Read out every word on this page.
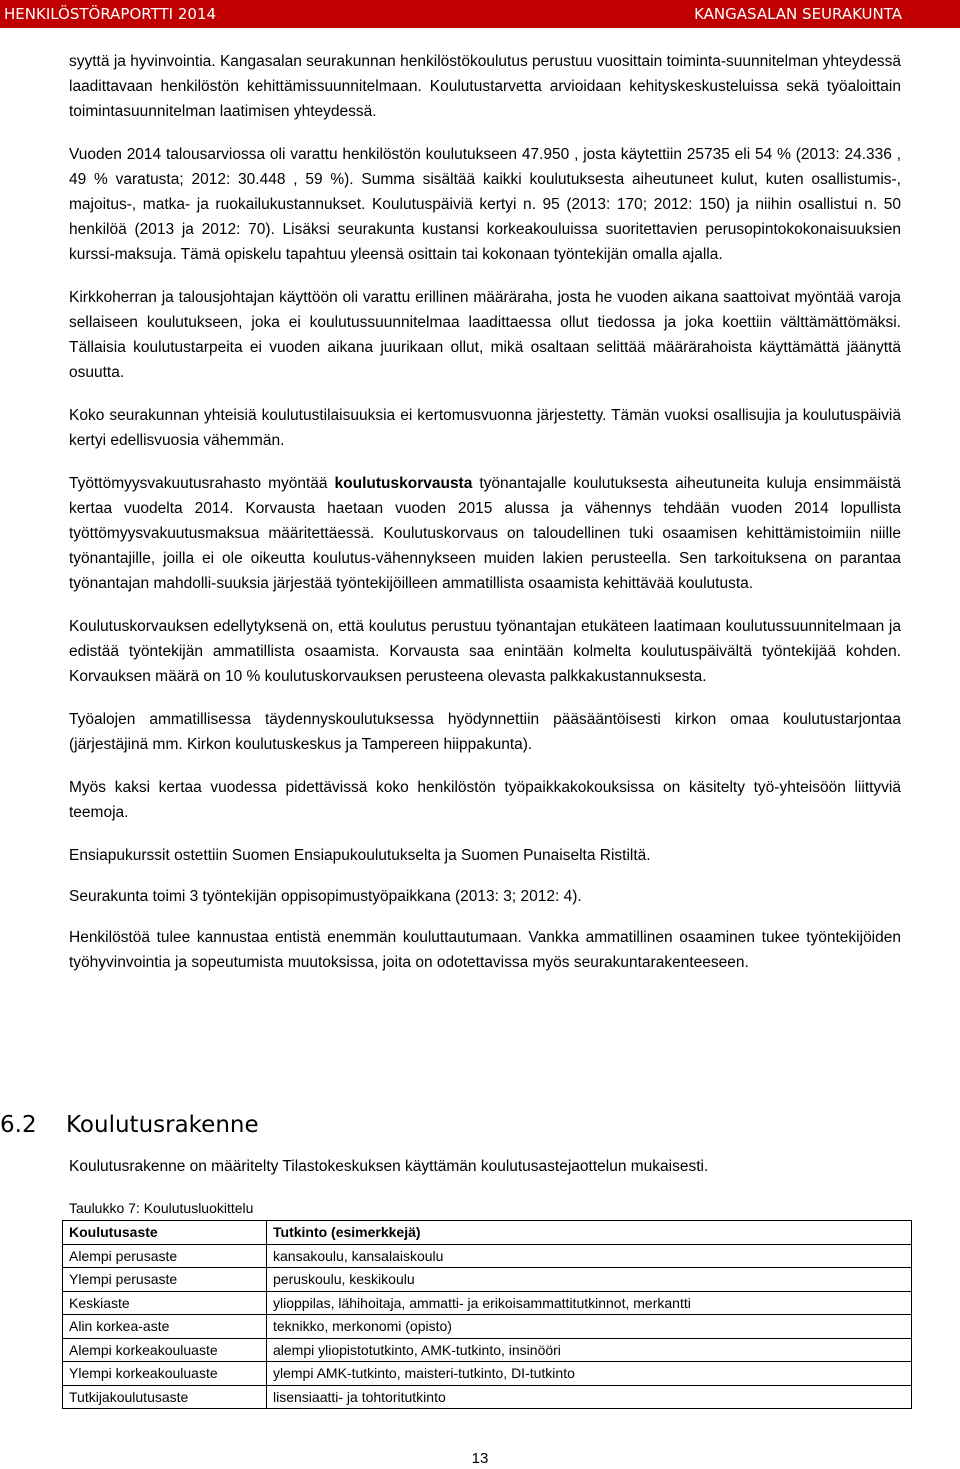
HENKILÖSTÖRAPORTTI 2014	KANGASALAN SEURAKUNTA

syyttä ja hyvinvointia. Kangasalan seurakunnan henkilöstökoulutus perustuu vuosittain toiminta-suunnitelman yhteydessä laadittavaan henkilöstön kehittämissuunnitelmaan. Koulutustarvetta arvioidaan kehityskeskusteluissa sekä työaloittain toimintasuunnitelman laatimisen yhteydessä.

Vuoden 2014 talousarviossa oli varattu henkilöstön koulutukseen 47.950 , josta käytettiin 25735 eli 54 % (2013: 24.336 , 49 % varatusta; 2012: 30.448 , 59 %). Summa sisältää kaikki koulutuksesta aiheutuneet kulut, kuten osallistumis-, majoitus-, matka- ja ruokailukustannukset. Koulutuspäiviä kertyi n. 95 (2013: 170; 2012: 150) ja niihin osallistui n. 50 henkilöä (2013 ja 2012: 70). Lisäksi seurakunta kustansi korkeakouluissa suoritettavien perusopintokokonaisuuksien kurssi-maksuja. Tämä opiskelu tapahtuu yleensä osittain tai kokonaan työntekijän omalla ajalla.

Kirkkoherran ja talousjohtajan käyttöön oli varattu erillinen määräraha, josta he vuoden aikana saattoivat myöntää varoja sellaiseen koulutukseen, joka ei koulutussuunnitelmaa laadittaessa ollut tiedossa ja joka koettiin välttämättömäksi. Tällaisia koulutustarpeita ei vuoden aikana juurikaan ollut, mikä osaltaan selittää määrärahoista käyttämättä jäänyttä osuutta.

Koko seurakunnan yhteisiä koulutustilaisuuksia ei kertomusvuonna järjestetty. Tämän vuoksi osallisujia ja koulutuspäiviä kertyi edellisvuosia vähemmän.

Työttömyysvakuutusrahasto myöntää koulutuskorvausta työnantajalle koulutuksesta aiheutuneita kuluja ensimmäistä kertaa vuodelta 2014. Korvausta haetaan vuoden 2015 alussa ja vähennys tehdään vuoden 2014 lopullista työttömyysvakuutusmaksua määritettäessä. Koulutuskorvaus on taloudellinen tuki osaamisen kehittämistoimiin niille työnantajille, joilla ei ole oikeutta koulutus-vähennykseen muiden lakien perusteella. Sen tarkoituksena on parantaa työnantajan mahdolli-suuksia järjestää työntekijöilleen ammatillista osaamista kehittävää koulutusta.

Koulutuskorvauksen edellytyksenä on, että koulutus perustuu työnantajan etukäteen laatimaan koulutussuunnitelmaan ja edistää työntekijän ammatillista osaamista. Korvausta saa enintään kolmelta koulutuspäivältä työntekijää kohden. Korvauksen määrä on 10 % koulutuskorvauksen perusteena olevasta palkkakustannuksesta.

Työalojen ammatillisessa täydennyskoulutuksessa hyödynnettiin pääsääntöisesti kirkon omaa koulutustarjontaa (järjestäjinä mm. Kirkon koulutuskeskus ja Tampereen hiippakunta).

Myös kaksi kertaa vuodessa pidettävissä koko henkilöstön työpaikkakokouksissa on käsitelty työ-yhteisöön liittyviä teemoja.

Ensiapukurssit ostettiin Suomen Ensiapukoulutukselta ja Suomen Punaiselta Ristiltä.

Seurakunta toimi 3 työntekijän oppisopimustyöpaikkana (2013: 3; 2012: 4).

Henkilöstöä tulee kannustaa entistä enemmän kouluttautumaan. Vankka ammatillinen osaaminen tukee työntekijöiden työhyvinvointia ja sopeutumista muutoksissa, joita on odotettavissa myös seurakuntarakenteeseen.

6.2	Koulutusrakenne
Koulutusrakenne on määritelty Tilastokeskuksen käyttämän koulutusastejaottelun mukaisesti.
Taulukko 7: Koulutusluokittelu
Koulutusaste	Tutkinto (esimerkkejä)
Alempi perusaste	kansakoulu, kansalaiskoulu
Ylempi perusaste	peruskoulu, keskikoulu
Keskiaste	ylioppilas, lähihoitaja, ammatti- ja erikoisammattitutkinnot, merkantti
Alin korkea-aste	teknikko, merkonomi (opisto)
Alempi korkeakouluaste	alempi yliopistotutkinto, AMK-tutkinto, insinööri
Ylempi korkeakouluaste	ylempi AMK-tutkinto, maisteri-tutkinto, DI-tutkinto
Tutkijakoulutusaste	lisensiaatti- ja tohtoritutkinto
13
